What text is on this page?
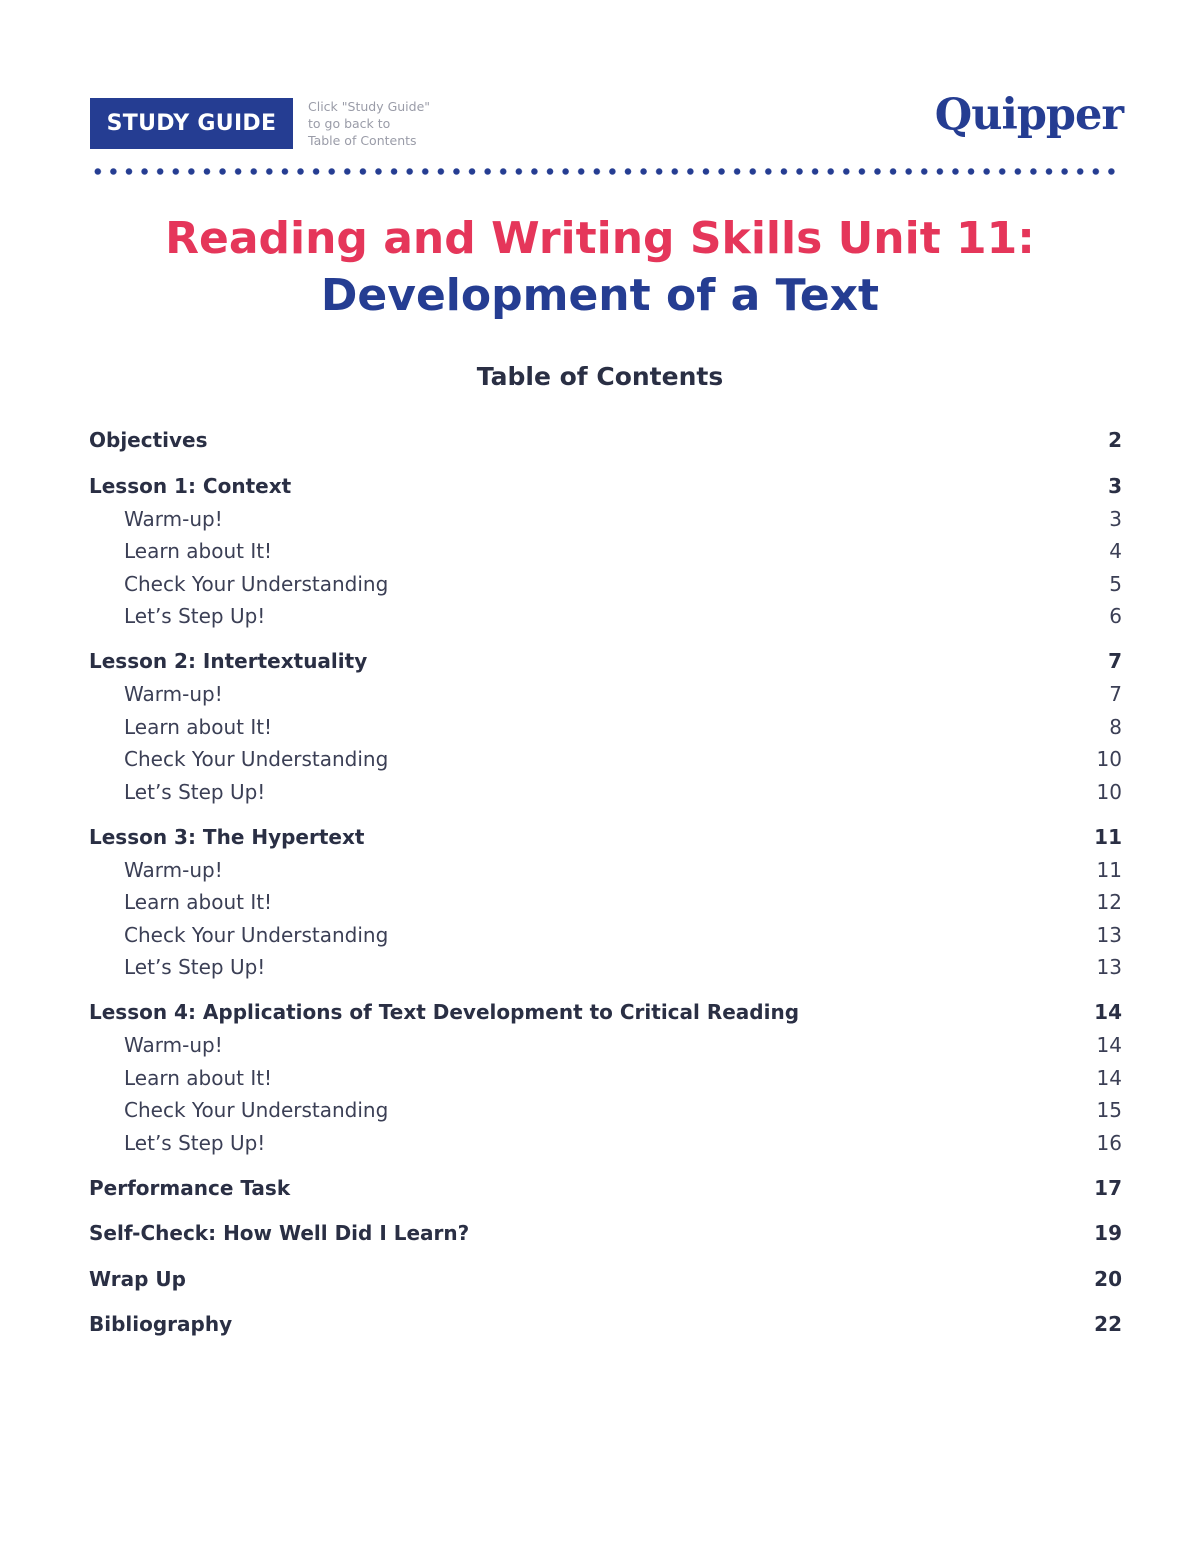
STUDY GUIDE
Click "Study Guide"
to go back to
Table of Contents
Quipper
Reading and Writing Skills Unit 11:
Development of a Text
Table of Contents
Objectives	2
Lesson 1: Context	3
Warm-up!	3
Learn about It!	4
Check Your Understanding	5
Let’s Step Up!	6
Lesson 2: Intertextuality	7
Warm-up!	7
Learn about It!	8
Check Your Understanding	10
Let’s Step Up!	10
Lesson 3: The Hypertext	11
Warm-up!	11
Learn about It!	12
Check Your Understanding	13
Let’s Step Up!	13
Lesson 4: Applications of Text Development to Critical Reading	14
Warm-up!	14
Learn about It!	14
Check Your Understanding	15
Let’s Step Up!	16
Performance Task	17
Self-Check: How Well Did I Learn?	19
Wrap Up	20
Bibliography	22
